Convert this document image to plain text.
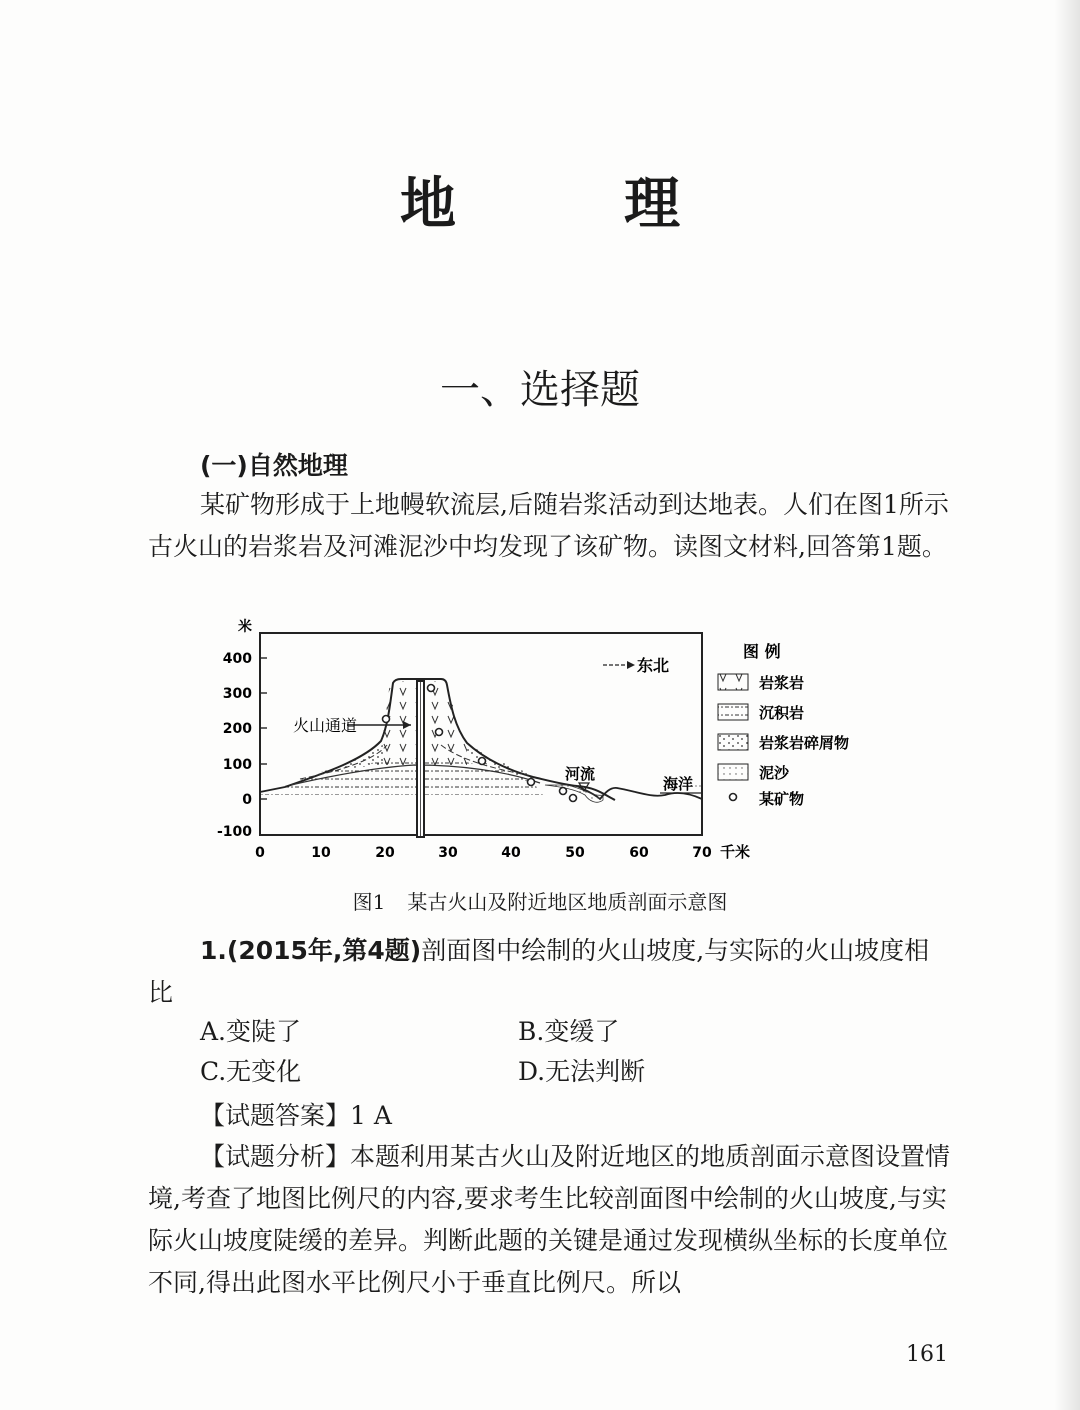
地　理
一、选择题
(一)自然地理
某矿物形成于上地幔软流层,后随岩浆活动到达地表。人们在图1所示古火山的岩浆岩及河滩泥沙中均发现了该矿物。读图文材料,回答第1题。
火山通道
东北
河流
海洋
米
400
300
200
100
0
-100
0	10	20	30	40	50	60	70 千米
图 例
岩浆岩
沉积岩
岩浆岩碎屑物
泥沙
某矿物
图1 某古火山及附近地区地质剖面示意图
1.(2015年,第4题)剖面图中绘制的火山坡度,与实际的火山坡度相比
A.变陡了	B.变缓了
C.无变化	D.无法判断
【试题答案】1 A
【试题分析】本题利用某古火山及附近地区的地质剖面示意图设置情境,考查了地图比例尺的内容,要求考生比较剖面图中绘制的火山坡度,与实际火山坡度陡缓的差异。判断此题的关键是通过发现横纵坐标的长度单位不同,得出此图水平比例尺小于垂直比例尺。所以
161
